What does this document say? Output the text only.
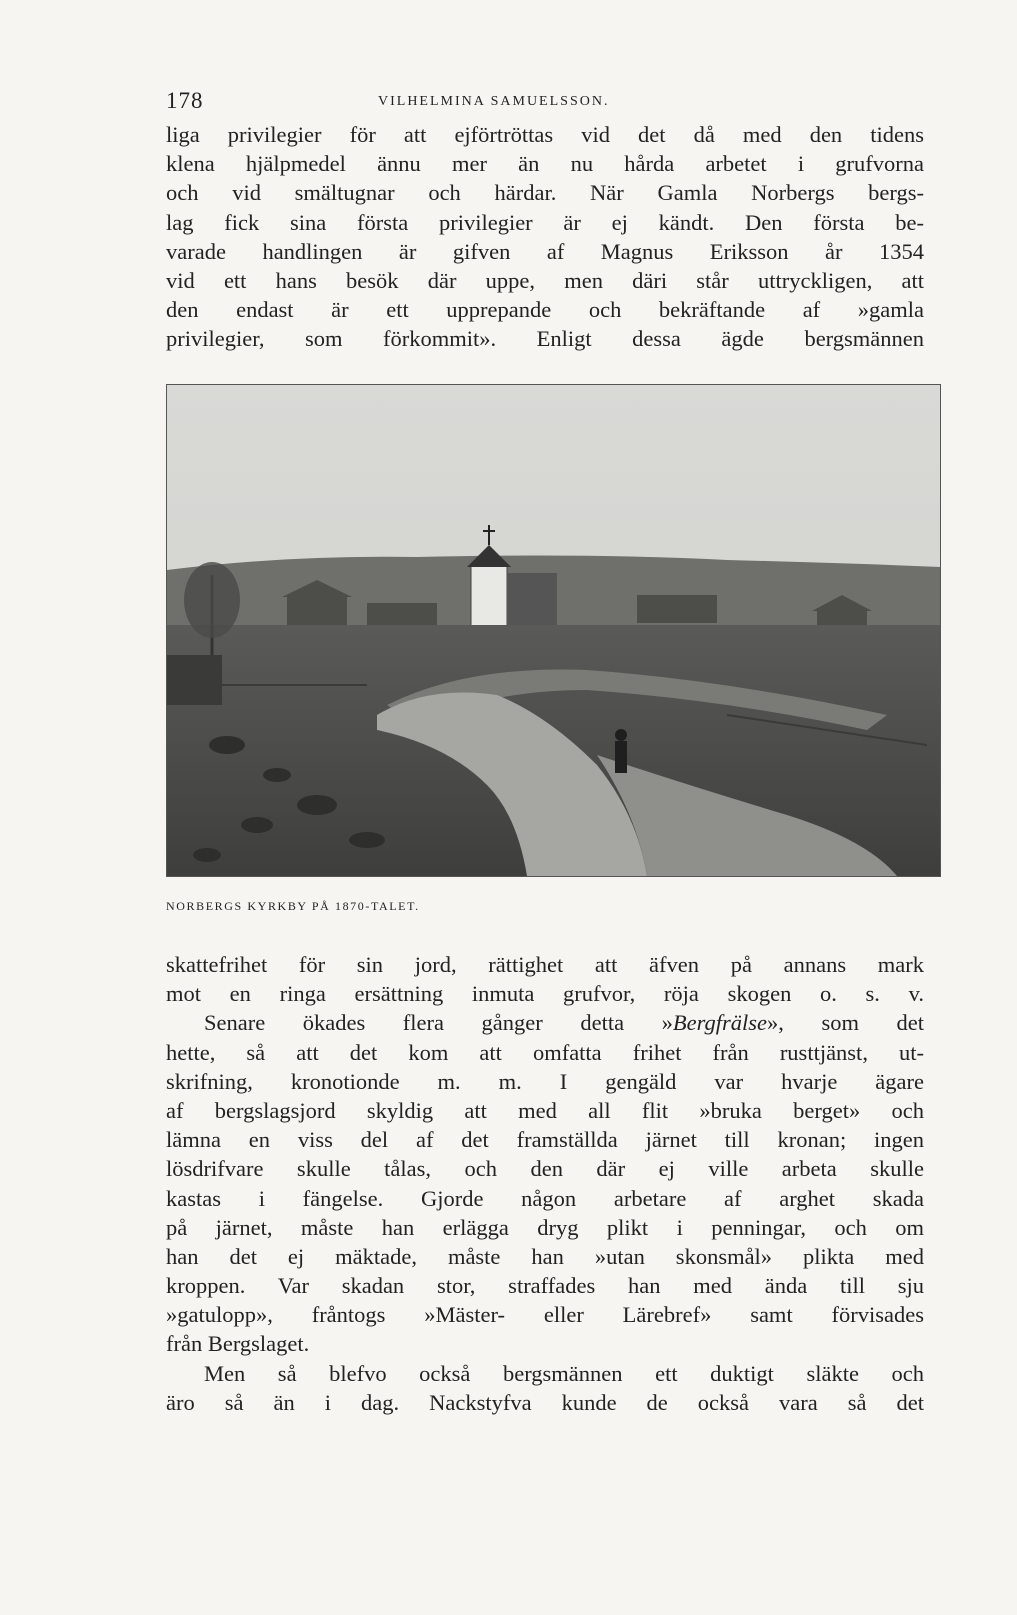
178	VILHELMINA SAMUELSSON.
liga privilegier för att ejförtröttas vid det då med den tidens
klena hjälpmedel ännu mer än nu hårda arbetet i grufvorna
och vid smältugnar och härdar. När Gamla Norbergs bergs-
lag fick sina första privilegier är ej kändt. Den första be-
varade handlingen är gifven af Magnus Eriksson år 1354
vid ett hans besök där uppe, men däri står uttryckligen, att
den endast är ett upprepande och bekräftande af »gamla
privilegier, som förkommit». Enligt dessa ägde bergsmännen
NORBERGS KYRKBY PÅ 1870-TALET.
skattefrihet för sin jord, rättighet att äfven på annans mark
mot en ringa ersättning inmuta grufvor, röja skogen o. s. v.
Senare ökades flera gånger detta »Bergfrälse», som det
hette, så att det kom att omfatta frihet från rusttjänst, ut-
skrifning, kronotionde m. m. I gengäld var hvarje ägare
af bergslagsjord skyldig att med all flit »bruka berget» och
lämna en viss del af det framställda järnet till kronan; ingen
lösdrifvare skulle tålas, och den där ej ville arbeta skulle
kastas i fängelse. Gjorde någon arbetare af arghet skada
på järnet, måste han erlägga dryg plikt i penningar, och om
han det ej mäktade, måste han »utan skonsmål» plikta med
kroppen. Var skadan stor, straffades han med ända till sju
»gatulopp», fråntogs »Mäster- eller Lärebref» samt förvisades
från Bergslaget.
Men så blefvo också bergsmännen ett duktigt släkte och
äro så än i dag. Nackstyfva kunde de också vara så det
